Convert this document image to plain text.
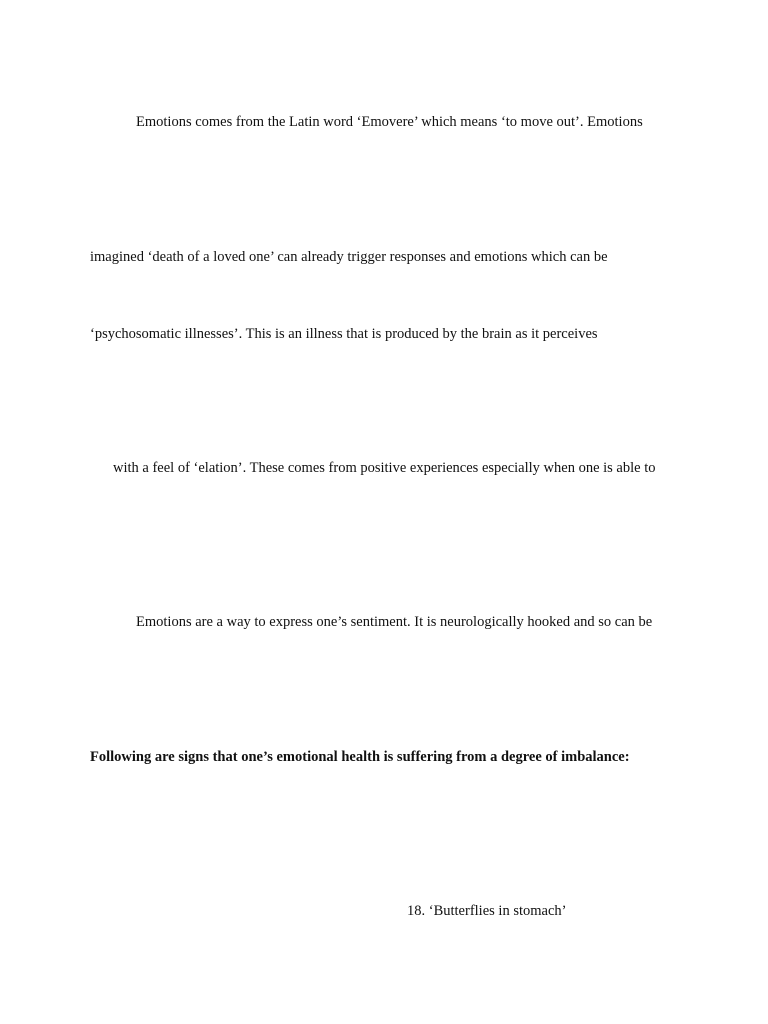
Emotions comes from the Latin word ‘Emovere’ which means ‘to move out’. Emotions

imagined ‘death of a loved one’ can already trigger responses and emotions which can be

‘psychosomatic illnesses’. This is an illness that is produced by the brain as it perceives

with a feel of ‘elation’. These comes from positive experiences especially when one is able to

Emotions are a way to express one’s sentiment. It is neurologically hooked and so can be

Following are signs that one’s emotional health is suffering from a degree of imbalance:

18. ‘Butterflies in stomach’
